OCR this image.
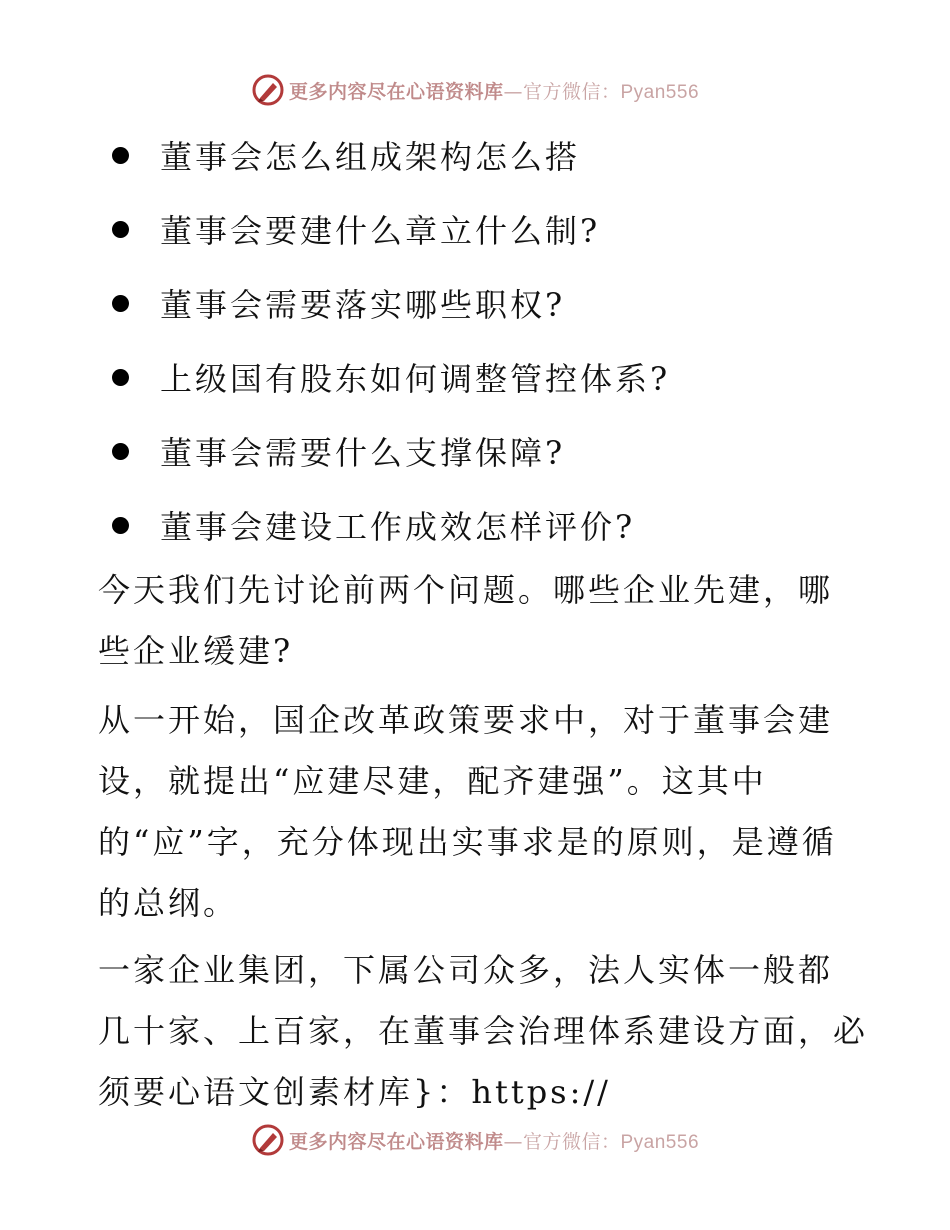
更多内容尽在心语资料库—官方微信：Pyan556
董事会怎么组成架构怎么搭
董事会要建什么章立什么制?
董事会需要落实哪些职权?
上级国有股东如何调整管控体系?
董事会需要什么支撑保障?
董事会建设工作成效怎样评价?

今天我们先讨论前两个问题。哪些企业先建，哪
些企业缓建?

从一开始，国企改革政策要求中，对于董事会建
设，就提出“应建尽建，配齐建强”。这其中
的“应”字，充分体现出实事求是的原则，是遵循
的总纲。

一家企业集团，下属公司众多，法人实体一般都
几十家、上百家，在董事会治理体系建设方面，必
须要心语文创素材库}：https://

更多内容尽在心语资料库—官方微信：Pyan556
